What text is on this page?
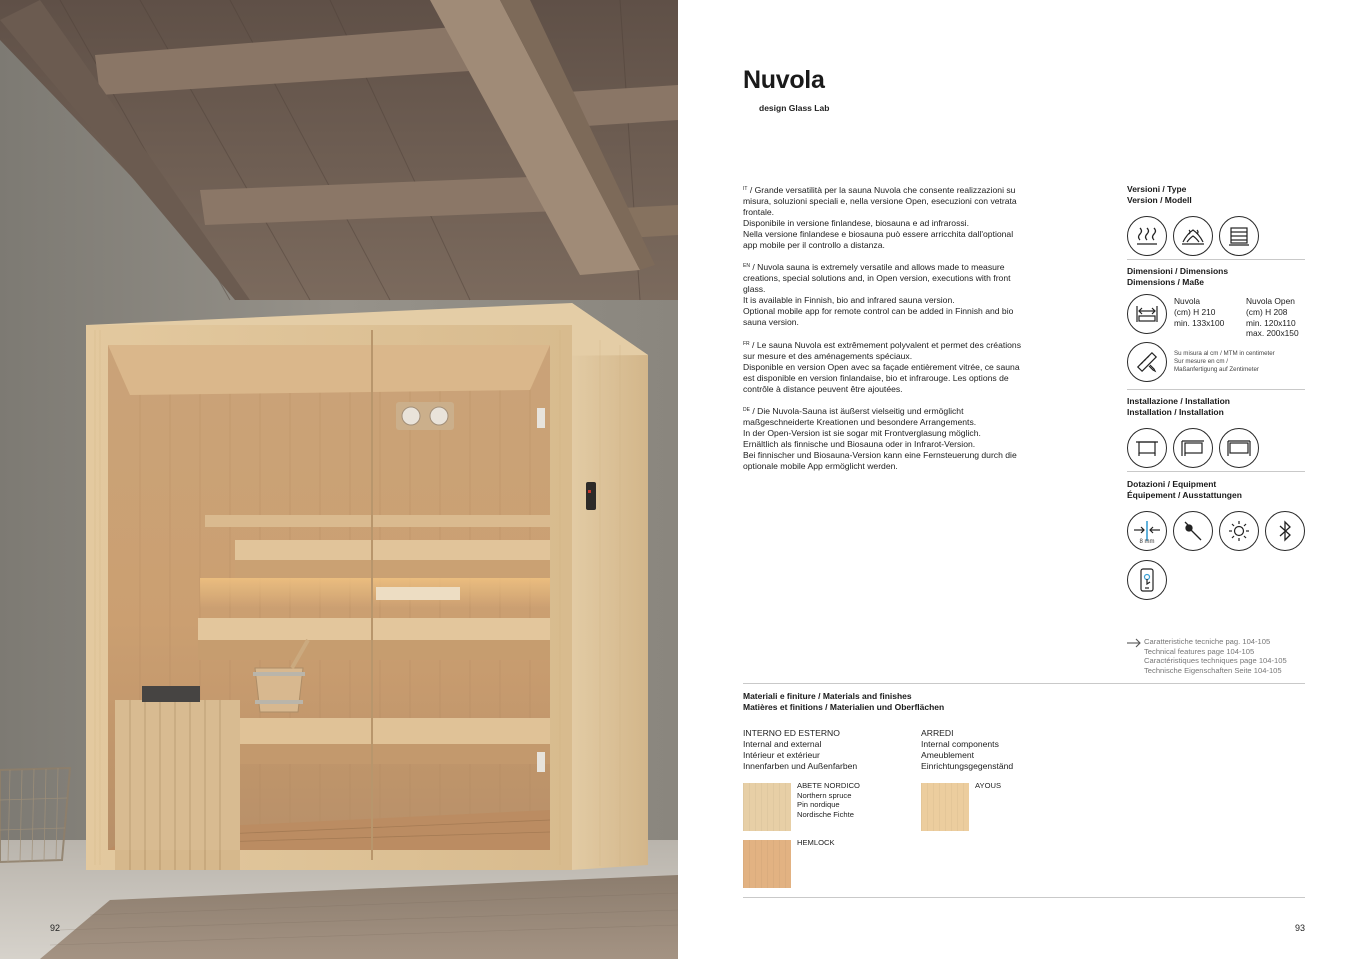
92	93
Nuvola
design Glass Lab

$^{IT}$ / Grande versatilità per la sauna Nuvola che consente realizzazioni su misura, soluzioni speciali e, nella versione Open, esecuzioni con vetrata frontale.
Disponibile in versione finlandese, biosauna e ad infrarossi.
Nella versione finlandese e biosauna può essere arricchita dall'optional app mobile per il controllo a distanza.

$^{EN}$ / Nuvola sauna is extremely versatile and allows made to measure creations, special solutions and, in Open version, executions with front glass.
It is available in Finnish, bio and infrared sauna version.
Optional mobile app for remote control can be added in Finnish and bio sauna version.

$^{FR}$ / Le sauna Nuvola est extrêmement polyvalent et permet des créations sur mesure et des aménagements spéciaux.
Disponible en version Open avec sa façade entièrement vitrée, ce sauna est disponible en version finlandaise, bio et infrarouge. Les options de contrôle à distance peuvent être ajoutées.

$^{DE}$ / Die Nuvola-Sauna ist äußerst vielseitig und ermöglicht maßgeschneiderte Kreationen und besondere Arrangements.
In der Open-Version ist sie sogar mit Frontverglasung möglich.
Ernältlich als finnische und Biosauna oder in Infrarot-Version.
Bei finnischer und Biosauna-Version kann eine Fernsteuerung durch die optionale mobile App ermöglicht werden.

Versioni / Type
Version / Modell
Dimensioni / Dimensions
Dimensions / Maße
Nuvola
(cm) H 210
min. 133x100
Nuvola Open
(cm) H 208
min. 120x110
max. 200x150
Su misura al cm / MTM in centimeter
Sur mesure en cm /
Maßanfertigung auf Zentimeter
Installazione / Installation
Installation / Installation
Dotazioni / Equipment
Équipement / Ausstattungen
8 mm
Caratteristiche tecniche pag. 104-105
Technical features page 104-105
Caractéristiques techniques page 104-105
Technische Eigenschaften Seite 104-105
Materiali e finiture / Materials and finishes
Matières et finitions / Materialien und Oberflächen
INTERNO ED ESTERNO
Internal and external
Intérieur et extérieur
Innenfarben und Außenfarben
ARREDI
Internal components
Ameublement
Einrichtungsgegenständ
ABETE NORDICO
Northern spruce
Pin nordique
Nordische Fichte
HEMLOCK
AYOUS
